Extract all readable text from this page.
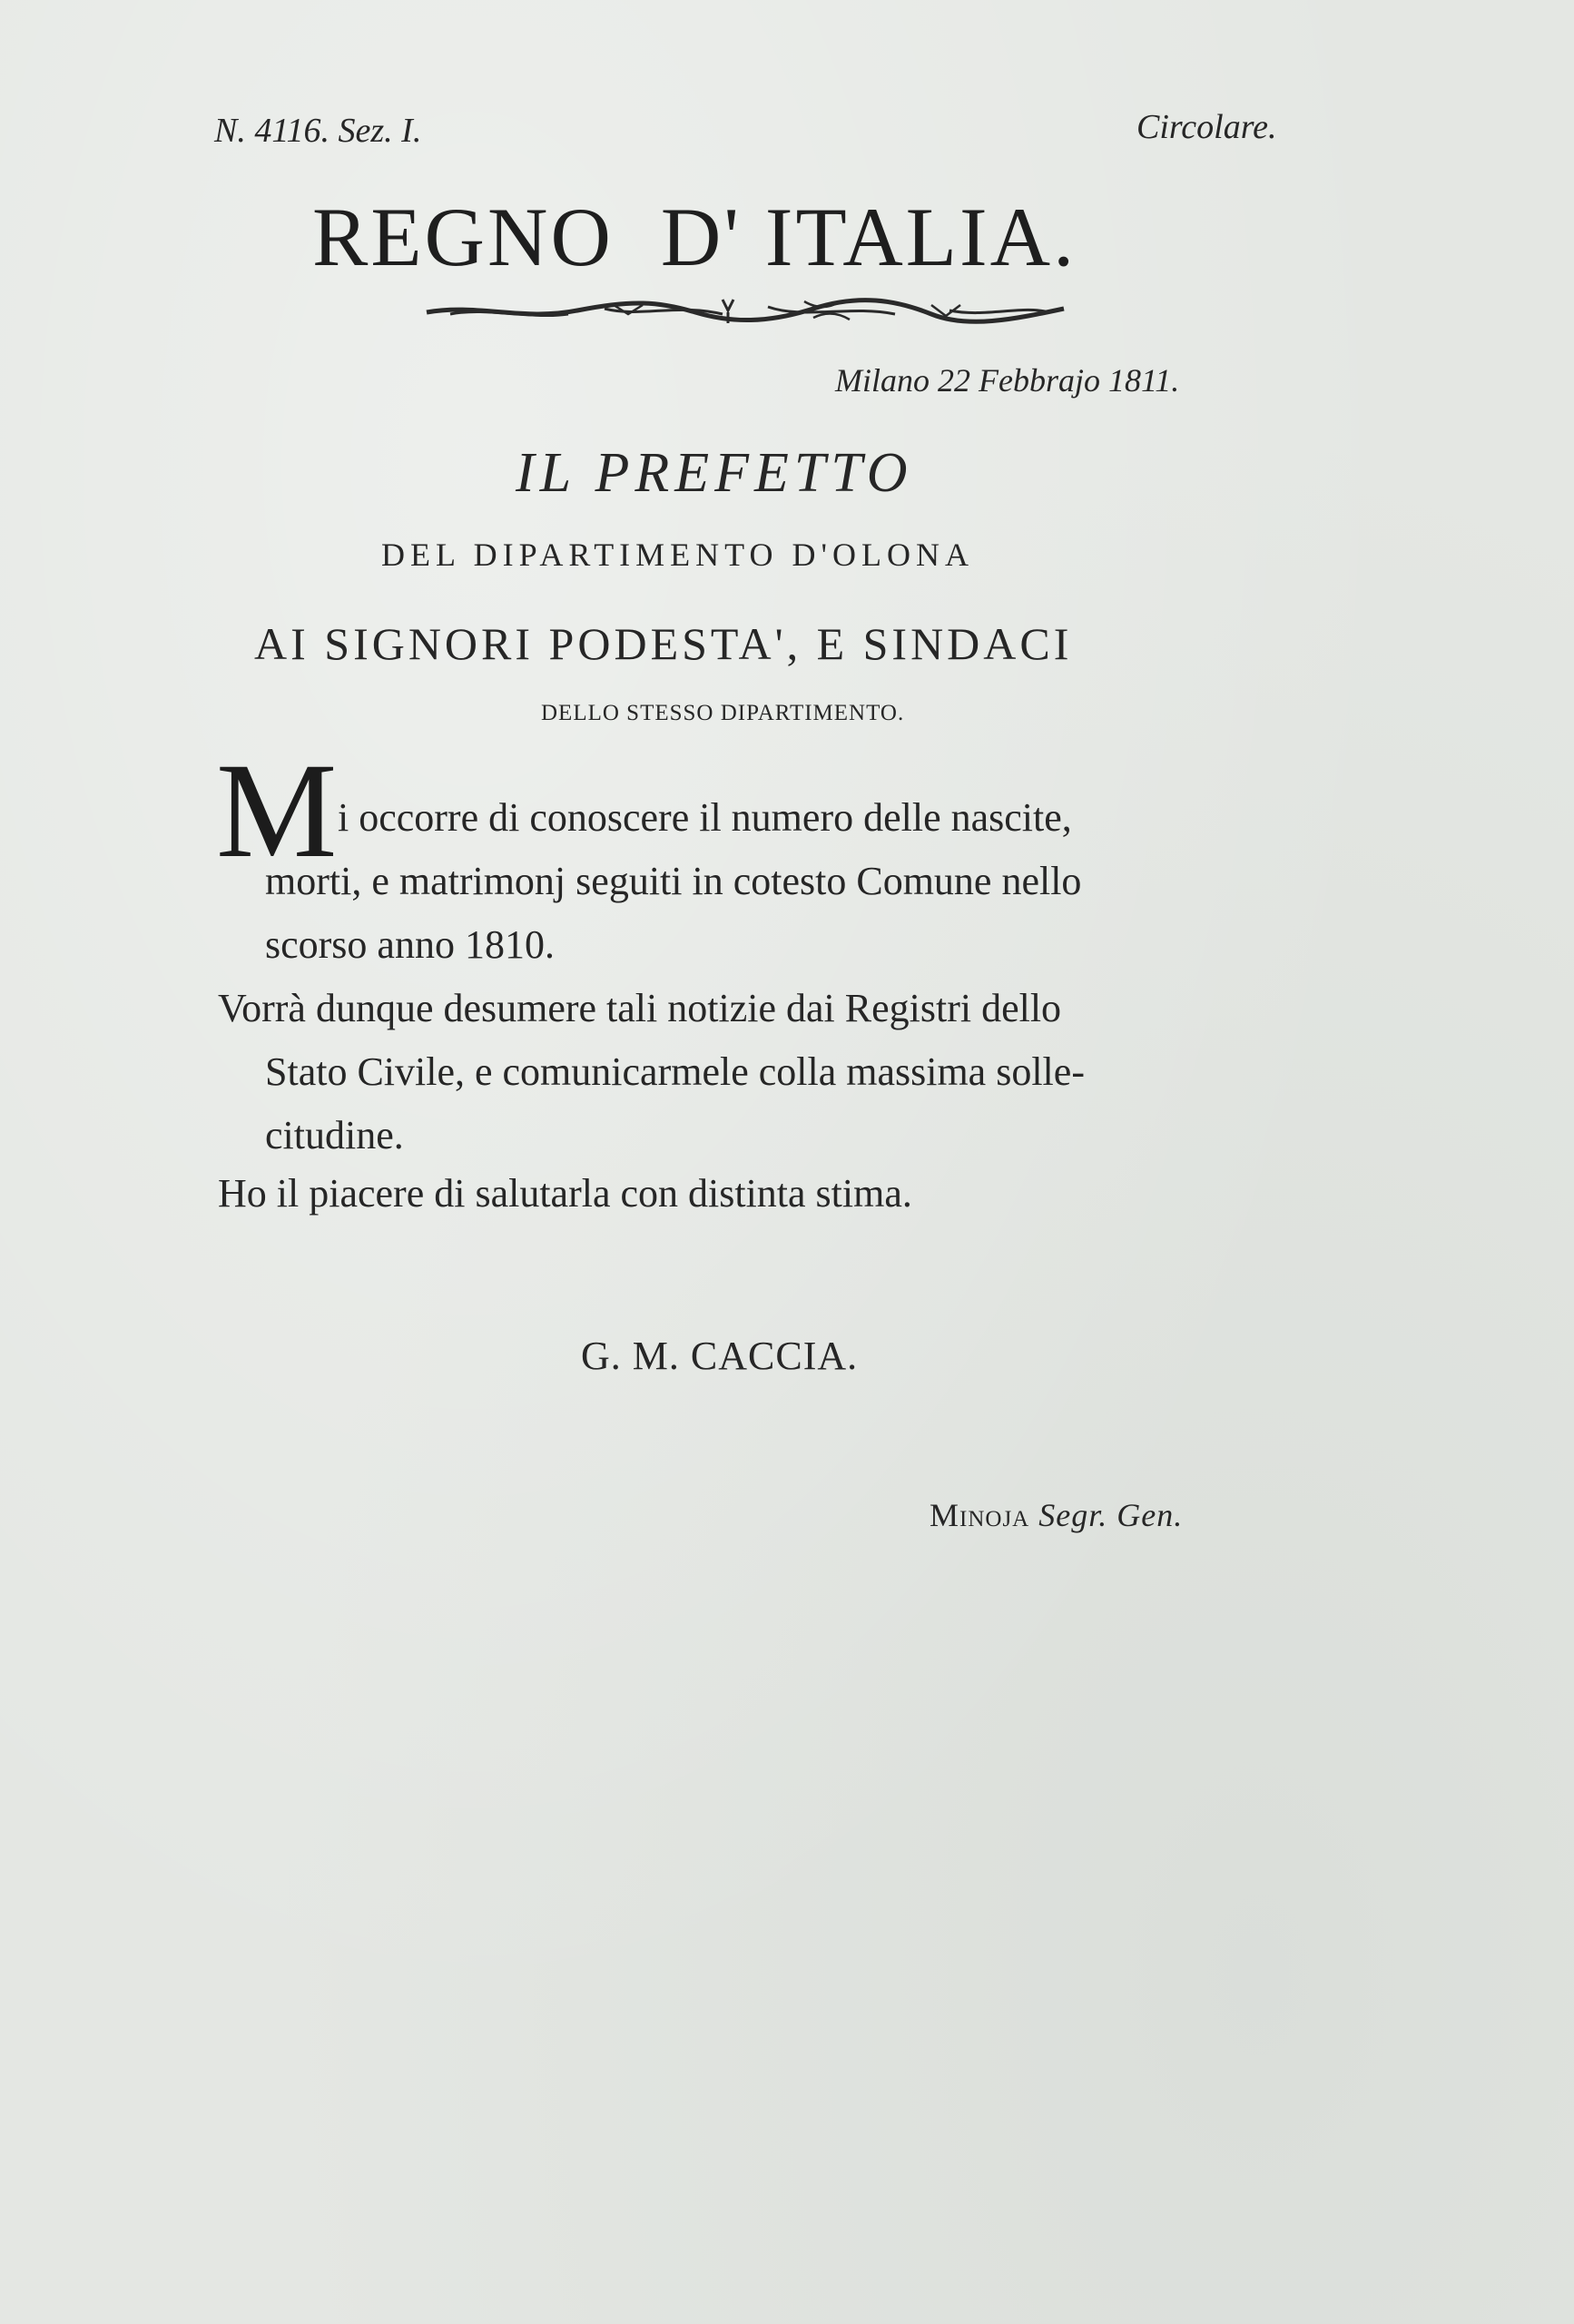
N. 4116. Sez. I.	Circolare.
REGNO  D' ITALIA.
Milano 22 Febbrajo 1811.
IL PREFETTO
DEL DIPARTIMENTO D'OLONA
AI SIGNORI PODESTA', E SINDACI
DELLO STESSO DIPARTIMENTO.
M i occorre di conoscere il numero delle nascite,
morti, e matrimonj seguiti in cotesto Comune nello
scorso anno 1810.
Vorrà dunque desumere tali notizie dai Registri dello
Stato Civile, e comunicarmele colla massima solle-
citudine.
Ho il piacere di salutarla con distinta stima.
G. M. CACCIA.
Minoja Segr. Gen.
